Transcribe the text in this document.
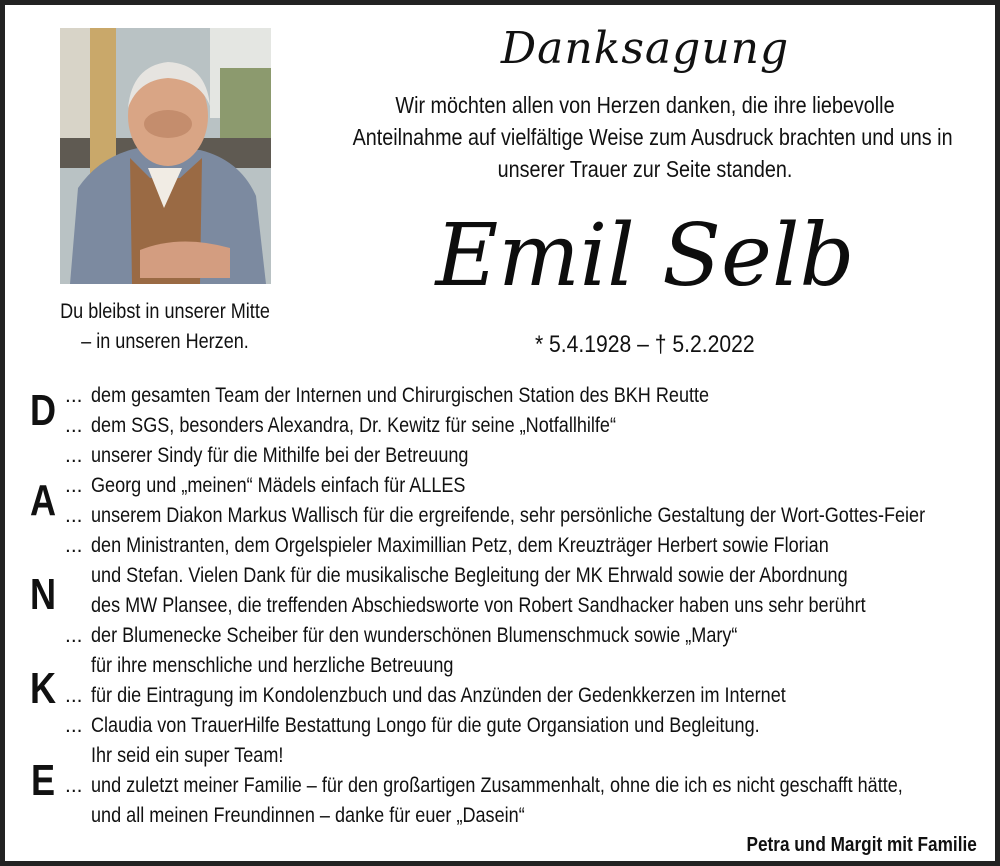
Du bleibst in unserer Mitte
– in unseren Herzen.
Danksagung
Wir möchten allen von Herzen danken, die ihre liebevolle
Anteilnahme auf vielfältige Weise zum Ausdruck brachten und uns in
unserer Trauer zur Seite standen.
Emil Selb
* 5.4.1928 – † 5.2.2022
D
A
N
K
E
... dem gesamten Team der Internen und Chirurgischen Station des BKH Reutte
... dem SGS, besonders Alexandra, Dr. Kewitz für seine „Notfallhilfe“
... unserer Sindy für die Mithilfe bei der Betreuung
... Georg und „meinen“ Mädels einfach für ALLES
... unserem Diakon Markus Wallisch für die ergreifende, sehr persönliche Gestaltung der Wort-Gottes-Feier
... den Ministranten, dem Orgelspieler Maximillian Petz, dem Kreuzträger Herbert sowie Florian
und Stefan. Vielen Dank für die musikalische Begleitung der MK Ehrwald sowie der Abordnung
des MW Plansee, die treffenden Abschiedsworte von Robert Sandhacker haben uns sehr berührt
... der Blumenecke Scheiber für den wunderschönen Blumenschmuck sowie „Mary“
für ihre menschliche und herzliche Betreuung
... für die Eintragung im Kondolenzbuch und das Anzünden der Gedenkkerzen im Internet
... Claudia von TrauerHilfe Bestattung Longo für die gute Organsiation und Begleitung.
Ihr seid ein super Team!
... und zuletzt meiner Familie – für den großartigen Zusammenhalt, ohne die ich es nicht geschafft hätte,
und all meinen Freundinnen – danke für euer „Dasein“
Petra und Margit mit Familie
